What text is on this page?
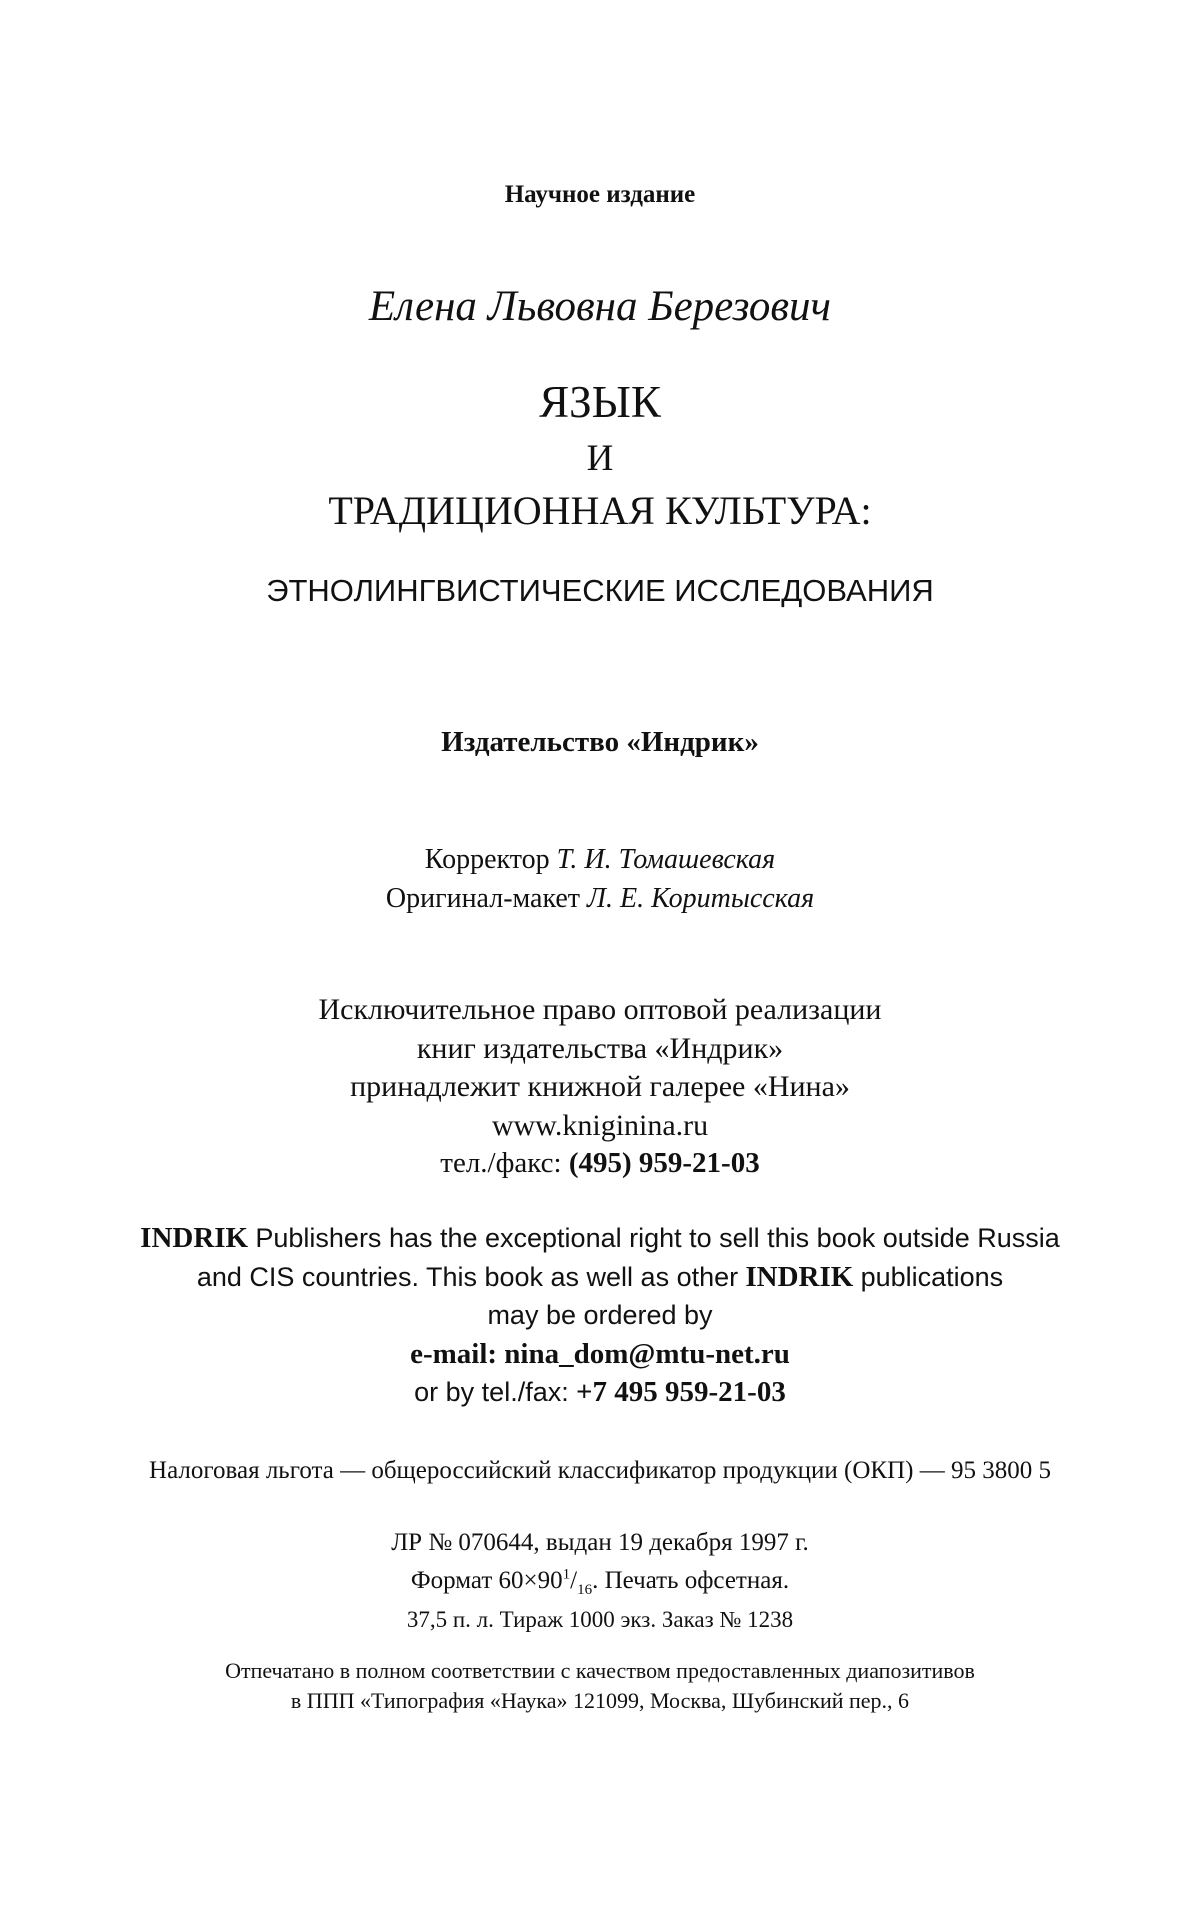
Научное издание
Елена Львовна Березович
ЯЗЫК
И
ТРАДИЦИОННАЯ КУЛЬТУРА:
ЭТНОЛИНГВИСТИЧЕСКИЕ ИССЛЕДОВАНИЯ
Издательство «Индрик»
Корректор Т. И. Томашевская
Оригинал-макет Л. Е. Коритысская
Исключительное право оптовой реализации
книг издательства «Индрик»
принадлежит книжной галерее «Нина»
www.kniginina.ru
тел./факс: (495) 959-21-03
INDRIK Publishers has the exceptional right to sell this book outside Russia
and CIS countries. This book as well as other INDRIK publications
may be ordered by
e-mail: nina_dom@mtu-net.ru
or by tel./fax: +7 495 959-21-03
Налоговая льгота — общероссийский классификатор продукции (ОКП) — 95 3800 5
ЛР № 070644, выдан 19 декабря 1997 г.
Формат $60\times 90^1/_{16}$. Печать офсетная.
37,5 п. л. Тираж 1000 экз. Заказ № 1238
Отпечатано в полном соответствии с качеством предоставленных диапозитивов
в ППП «Типография «Наука» 121099, Москва, Шубинский пер., 6
